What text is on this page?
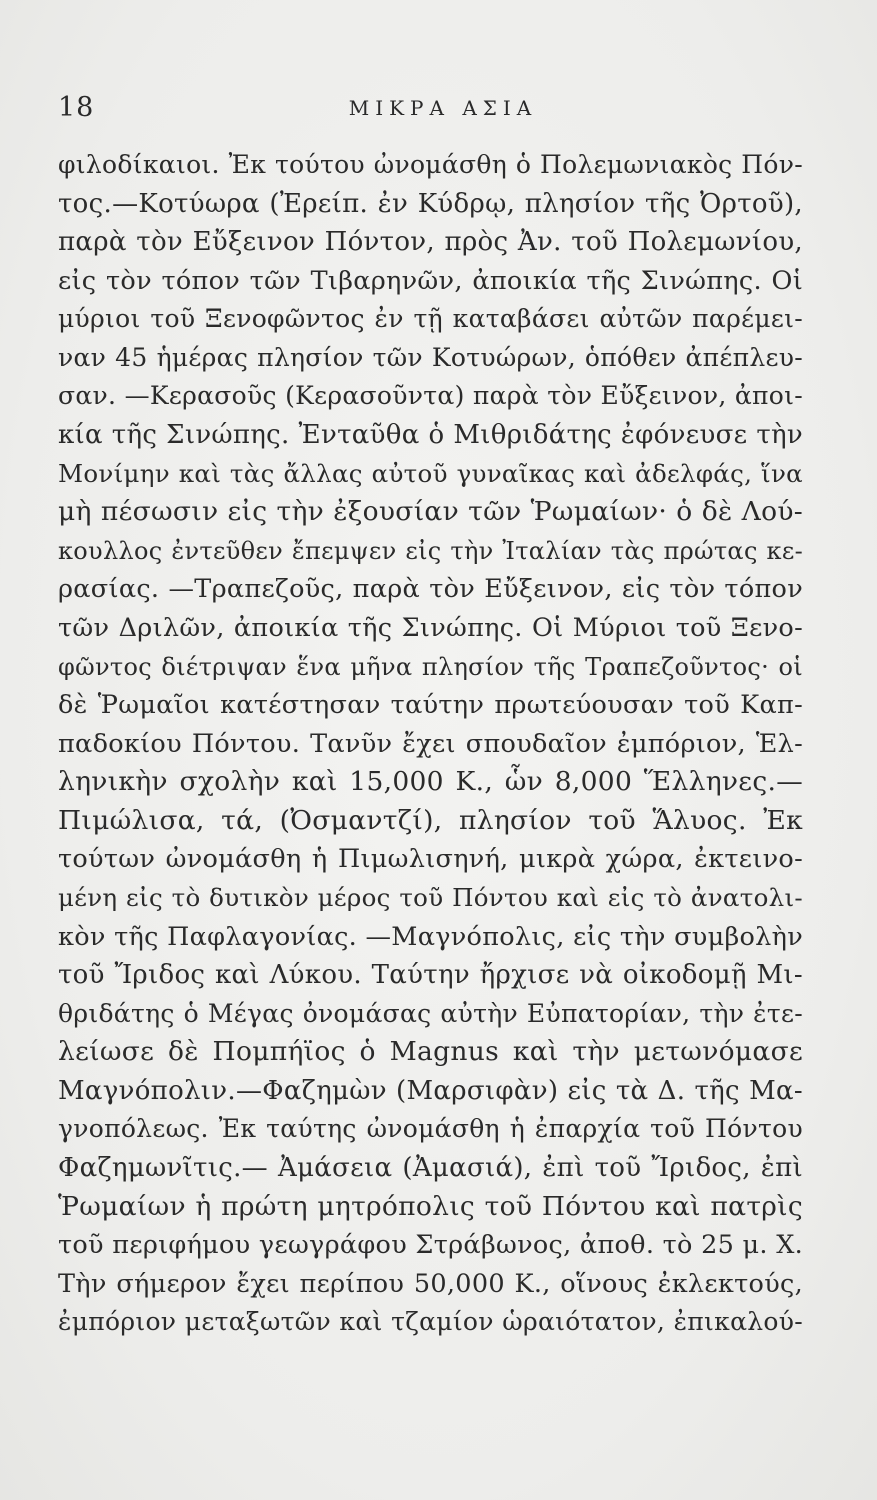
18	ΜΙΚΡΑ ΑΣΙΑ
φιλοδίκαιοι. Ἐκ τούτου ὠνομάσθη ὁ Πολεμωνιακὸς Πόν-
τος.—Κοτύωρα (Ἐρείπ. ἐν Κύδρῳ, πλησίον τῆς Ὀρτοῦ),
παρὰ τὸν Εὔξεινον Πόντον, πρὸς Ἀν. τοῦ Πολεμωνίου,
εἰς τὸν τόπον τῶν Τιβαρηνῶν, ἀποικία τῆς Σινώπης. Οἱ
μύριοι τοῦ Ξενοφῶντος ἐν τῇ καταβάσει αὐτῶν παρέμει-
ναν 45 ἡμέρας πλησίον τῶν Κοτυώρων, ὁπόθεν ἀπέπλευ-
σαν. —Κερασοῦς (Κερασοῦντα) παρὰ τὸν Εὔξεινον, ἀποι-
κία τῆς Σινώπης. Ἐνταῦθα ὁ Μιθριδάτης ἐφόνευσε τὴν
Μονίμην καὶ τὰς ἄλλας αὐτοῦ γυναῖκας καὶ ἀδελφάς, ἵνα
μὴ πέσωσιν εἰς τὴν ἐξουσίαν τῶν Ῥωμαίων· ὁ δὲ Λού-
κουλλος ἐντεῦθεν ἔπεμψεν εἰς τὴν Ἰταλίαν τὰς πρώτας κε-
ρασίας. —Τραπεζοῦς, παρὰ τὸν Εὔξεινον, εἰς τὸν τόπον
τῶν Δριλῶν, ἀποικία τῆς Σινώπης. Οἱ Μύριοι τοῦ Ξενο-
φῶντος διέτριψαν ἕνα μῆνα πλησίον τῆς Τραπεζοῦντος· οἱ
δὲ Ῥωμαῖοι κατέστησαν ταύτην πρωτεύουσαν τοῦ Καπ-
παδοκίου Πόντου. Τανῦν ἔχει σπουδαῖον ἐμπόριον, Ἑλ-
ληνικὴν σχολὴν καὶ 15,000 Κ., ὧν 8,000 Ἕλληνες.—
Πιμώλισα, τά, (Ὀσμαντζί), πλησίον τοῦ Ἅλυος. Ἐκ
τούτων ὠνομάσθη ἡ Πιμωλισηνή, μικρὰ χώρα, ἐκτεινο-
μένη εἰς τὸ δυτικὸν μέρος τοῦ Πόντου καὶ εἰς τὸ ἀνατολι-
κὸν τῆς Παφλαγονίας. —Μαγνόπολις, εἰς τὴν συμβολὴν
τοῦ Ἴριδος καὶ Λύκου. Ταύτην ἤρχισε νὰ οἰκοδομῇ Μι-
θριδάτης ὁ Μέγας ὀνομάσας αὐτὴν Εὐπατορίαν, τὴν ἐτε-
λείωσε δὲ Πομπήϊος ὁ Magnus καὶ τὴν μετωνόμασε
Μαγνόπολιν.—Φαζημὼν (Μαρσιφὰν) εἰς τὰ Δ. τῆς Μα-
γνοπόλεως. Ἐκ ταύτης ὠνομάσθη ἡ ἐπαρχία τοῦ Πόντου
Φαζημωνῖτις.— Ἀμάσεια (Ἀμασιά), ἐπὶ τοῦ Ἴριδος, ἐπὶ
Ῥωμαίων ἡ πρώτη μητρόπολις τοῦ Πόντου καὶ πατρὶς
τοῦ περιφήμου γεωγράφου Στράβωνος, ἀποθ. τὸ 25 μ. Χ.
Τὴν σήμερον ἔχει περίπου 50,000 Κ., οἵνους ἐκλεκτούς,
ἐμπόριον μεταξωτῶν καὶ τζαμίον ὡραιότατον, ἐπικαλού-
